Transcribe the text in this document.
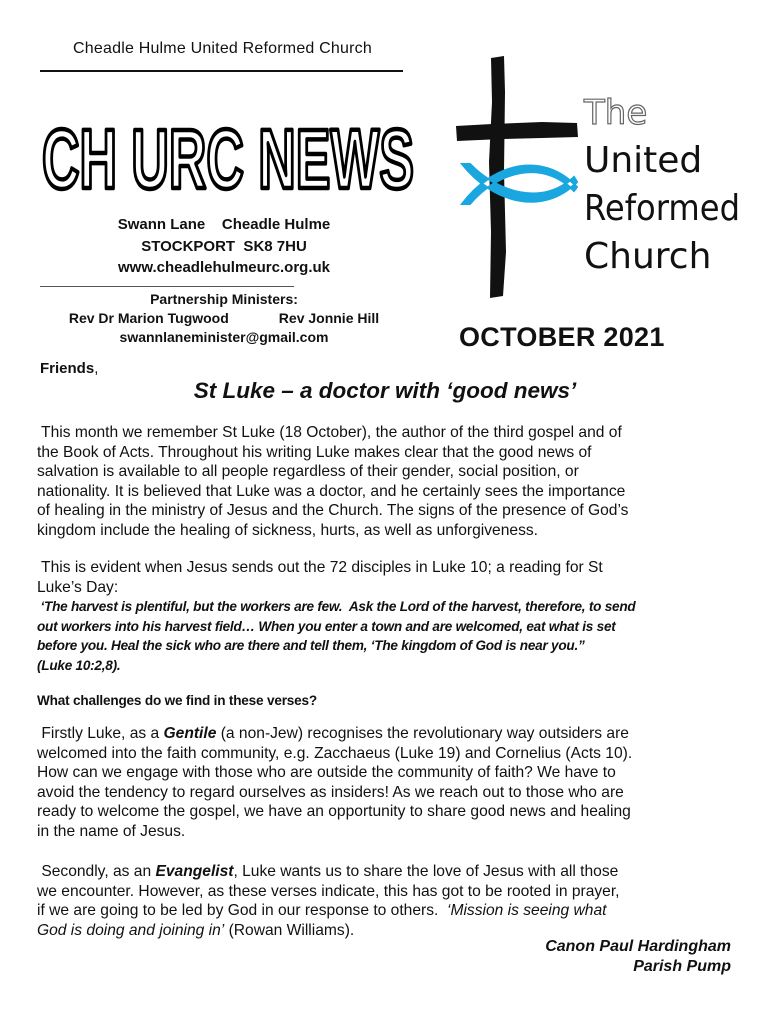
Cheadle Hulme United Reformed Church
CH URC NEWS
Swann Lane    Cheadle Hulme
STOCKPORT  SK8 7HU
www.cheadlehulmeurc.org.uk
Partnership Ministers:
Rev Dr Marion Tugwood	Rev Jonnie Hill
swannlaneminister@gmail.com
The
United
Reformed
Church
OCTOBER 2021
Friends,
St Luke – a doctor with ‘good news’
This month we remember St Luke (18 October), the author of the third gospel and of
the Book of Acts. Throughout his writing Luke makes clear that the good news of
salvation is available to all people regardless of their gender, social position, or
nationality. It is believed that Luke was a doctor, and he certainly sees the importance
of healing in the ministry of Jesus and the Church. The signs of the presence of God’s
kingdom include the healing of sickness, hurts, as well as unforgiveness.
This is evident when Jesus sends out the 72 disciples in Luke 10; a reading for St
Luke’s Day:
‘The harvest is plentiful, but the workers are few.  Ask the Lord of the harvest, therefore, to send
out workers into his harvest field… When you enter a town and are welcomed, eat what is set
before you. Heal the sick who are there and tell them, ‘The kingdom of God is near you.”
(Luke 10:2,8).
What challenges do we find in these verses?
Firstly Luke, as a Gentile (a non-Jew) recognises the revolutionary way outsiders are
welcomed into the faith community, e.g. Zacchaeus (Luke 19) and Cornelius (Acts 10).
How can we engage with those who are outside the community of faith? We have to
avoid the tendency to regard ourselves as insiders! As we reach out to those who are
ready to welcome the gospel, we have an opportunity to share good news and healing
in the name of Jesus.
Secondly, as an Evangelist, Luke wants us to share the love of Jesus with all those
we encounter. However, as these verses indicate, this has got to be rooted in prayer,
if we are going to be led by God in our response to others.  ‘Mission is seeing what
God is doing and joining in’ (Rowan Williams).
Canon Paul Hardingham
Parish Pump
